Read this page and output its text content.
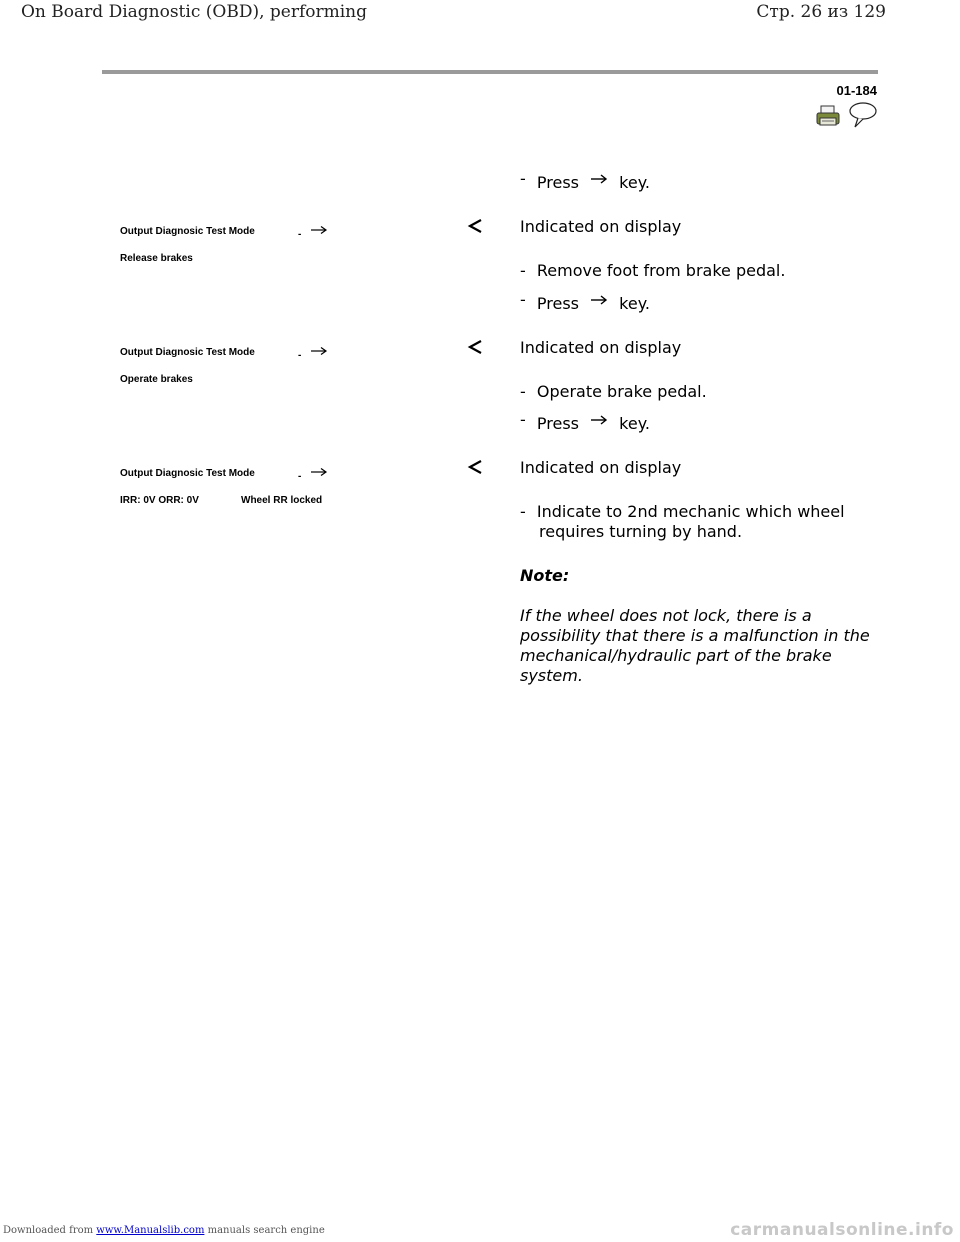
On Board Diagnostic (OBD), performing	Стр. 26 из 129
01-184
- Press	key.
Output Diagnosic Test Mode	-
Release brakes
Indicated on display
- Remove foot from brake pedal.
- Press	key.
Output Diagnosic Test Mode	-
Operate brakes
Indicated on display
- Operate brake pedal.
- Press	key.
Output Diagnosic Test Mode	-
IRR: 0V ORR: 0V	Wheel RR locked
Indicated on display
- Indicate to 2nd mechanic which wheel
requires turning by hand.
Note:
If the wheel does not lock, there is a possibility that there is a malfunction in the mechanical/hydraulic part of the brake system.
Downloaded from www.Manualslib.com manuals search engine	carmanualsonline.info
